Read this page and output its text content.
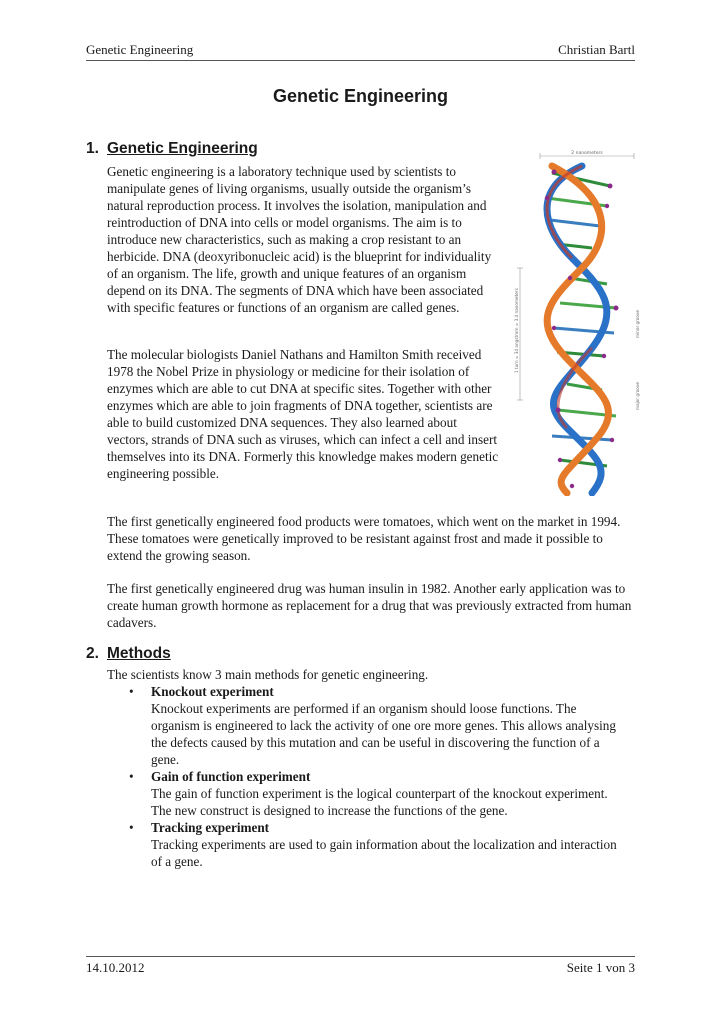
Genetic Engineering	Christian Bartl
Genetic Engineering
1. Genetic Engineering

Genetic engineering is a laboratory technique used by scientists to manipulate genes of living organisms, usually outside the organism’s natural reproduction process. It involves the isolation, manipulation and reintroduction of DNA into cells or model organisms. The aim is to introduce new characteristics, such as making a crop resistant to an herbicide. DNA (deoxyribonucleic acid) is the blueprint for individuality of an organism. The life, growth and unique features of an organism depend on its DNA. The segments of DNA which have been associated with specific features or functions of an organism are called genes.

The molecular biologists Daniel Nathans and Hamilton Smith received 1978 the Nobel Prize in physiology or medicine for their isolation of enzymes which are able to cut DNA at specific sites. Together with other enzymes which are able to join fragments of DNA together, scientists are able to build customized DNA sequences. They also learned about vectors, strands of DNA such as viruses, which can infect a cell and insert themselves into its DNA. Formerly this knowledge makes modern genetic engineering possible.

The first genetically engineered food products were tomatoes, which went on the market in 1994. These tomatoes were genetically improved to be resistant against frost and made it possible to extend the growing season.

The first genetically engineered drug was human insulin in 1982. Another early application was to create human growth hormone as replacement for a drug that was previously extracted from human cadavers.

2 nanometers
1 turn = 34 angstrom = 3.4 nanometers	minor groove
major groove
2. Methods

The scientists know 3 main methods for genetic engineering.

• Knockout experiment
Knockout experiments are performed if an organism should loose functions. The organism is engineered to lack the activity of one ore more genes. This allows analysing the defects caused by this mutation and can be useful in discovering the function of a gene.
• Gain of function experiment
The gain of function experiment is the logical counterpart of the knockout experiment. The new construct is designed to increase the functions of the gene.
• Tracking experiment
Tracking experiments are used to gain information about the localization and interaction of a gene.
14.10.2012	Seite 1 von 3
